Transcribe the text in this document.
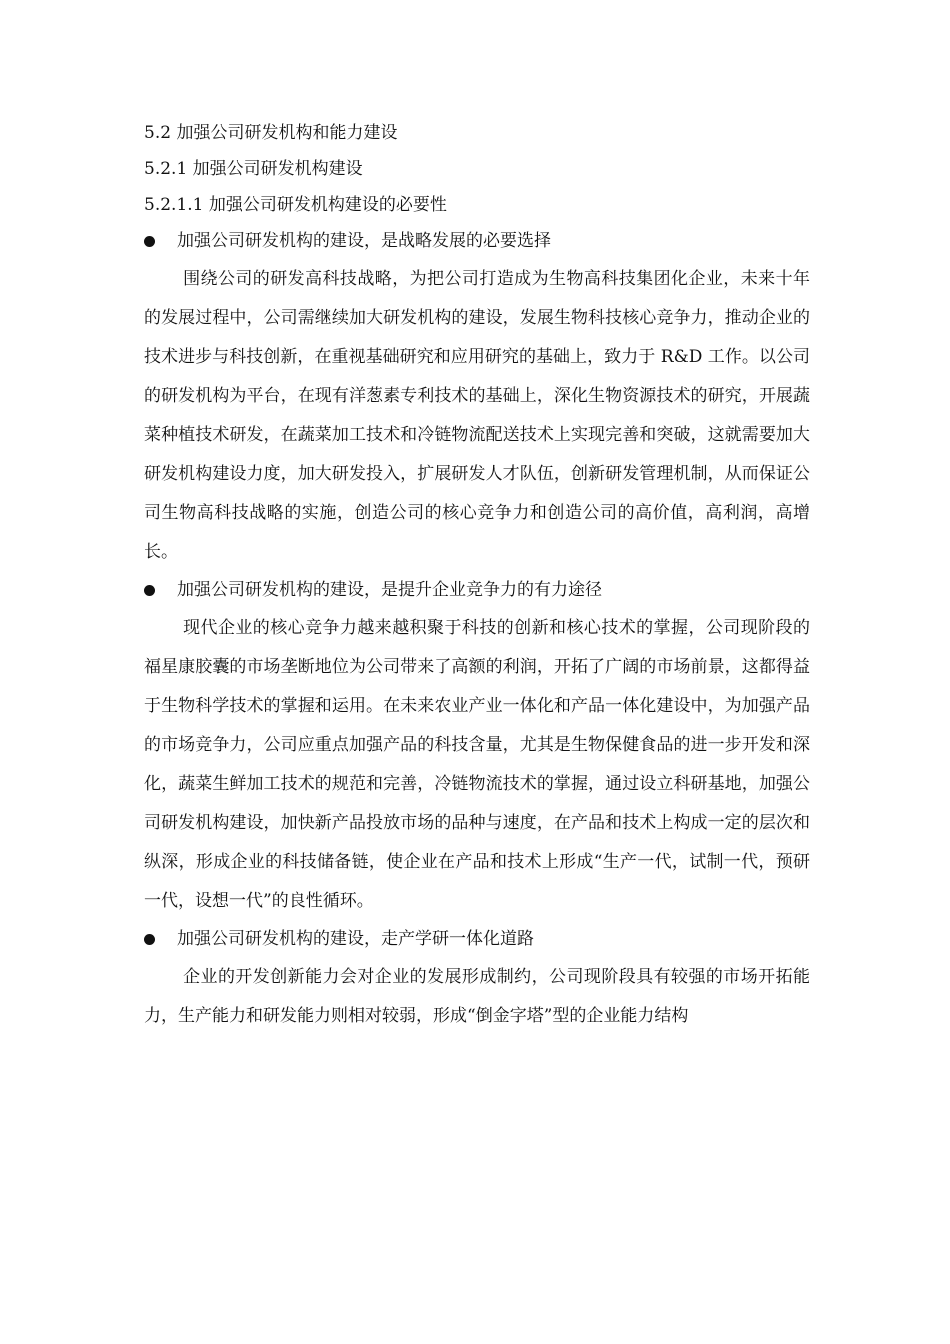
5.2 加强公司研发机构和能力建设
5.2.1 加强公司研发机构建设
5.2.1.1 加强公司研发机构建设的必要性
加强公司研发机构的建设，是战略发展的必要选择

围绕公司的研发高科技战略，为把公司打造成为生物高科技集团化企业，未来十年的发展过程中，公司需继续加大研发机构的建设，发展生物科技核心竞争力，推动企业的技术进步与科技创新，在重视基础研究和应用研究的基础上，致力于 R&D 工作。以公司的研发机构为平台，在现有洋葱素专利技术的基础上，深化生物资源技术的研究，开展蔬菜种植技术研发，在蔬菜加工技术和冷链物流配送技术上实现完善和突破，这就需要加大研发机构建设力度，加大研发投入，扩展研发人才队伍，创新研发管理机制，从而保证公司生物高科技战略的实施，创造公司的核心竞争力和创造公司的高价值，高利润，高增长。

加强公司研发机构的建设，是提升企业竞争力的有力途径

现代企业的核心竞争力越来越积聚于科技的创新和核心技术的掌握，公司现阶段的福星康胶囊的市场垄断地位为公司带来了高额的利润，开拓了广阔的市场前景，这都得益于生物科学技术的掌握和运用。在未来农业产业一体化和产品一体化建设中，为加强产品的市场竞争力，公司应重点加强产品的科技含量，尤其是生物保健食品的进一步开发和深化，蔬菜生鲜加工技术的规范和完善，冷链物流技术的掌握，通过设立科研基地，加强公司研发机构建设，加快新产品投放市场的品种与速度，在产品和技术上构成一定的层次和纵深，形成企业的科技储备链，使企业在产品和技术上形成“生产一代，试制一代，预研一代，设想一代”的良性循环。

加强公司研发机构的建设，走产学研一体化道路

企业的开发创新能力会对企业的发展形成制约，公司现阶段具有较强的市场开拓能力，生产能力和研发能力则相对较弱，形成“倒金字塔”型的企业能力结构
